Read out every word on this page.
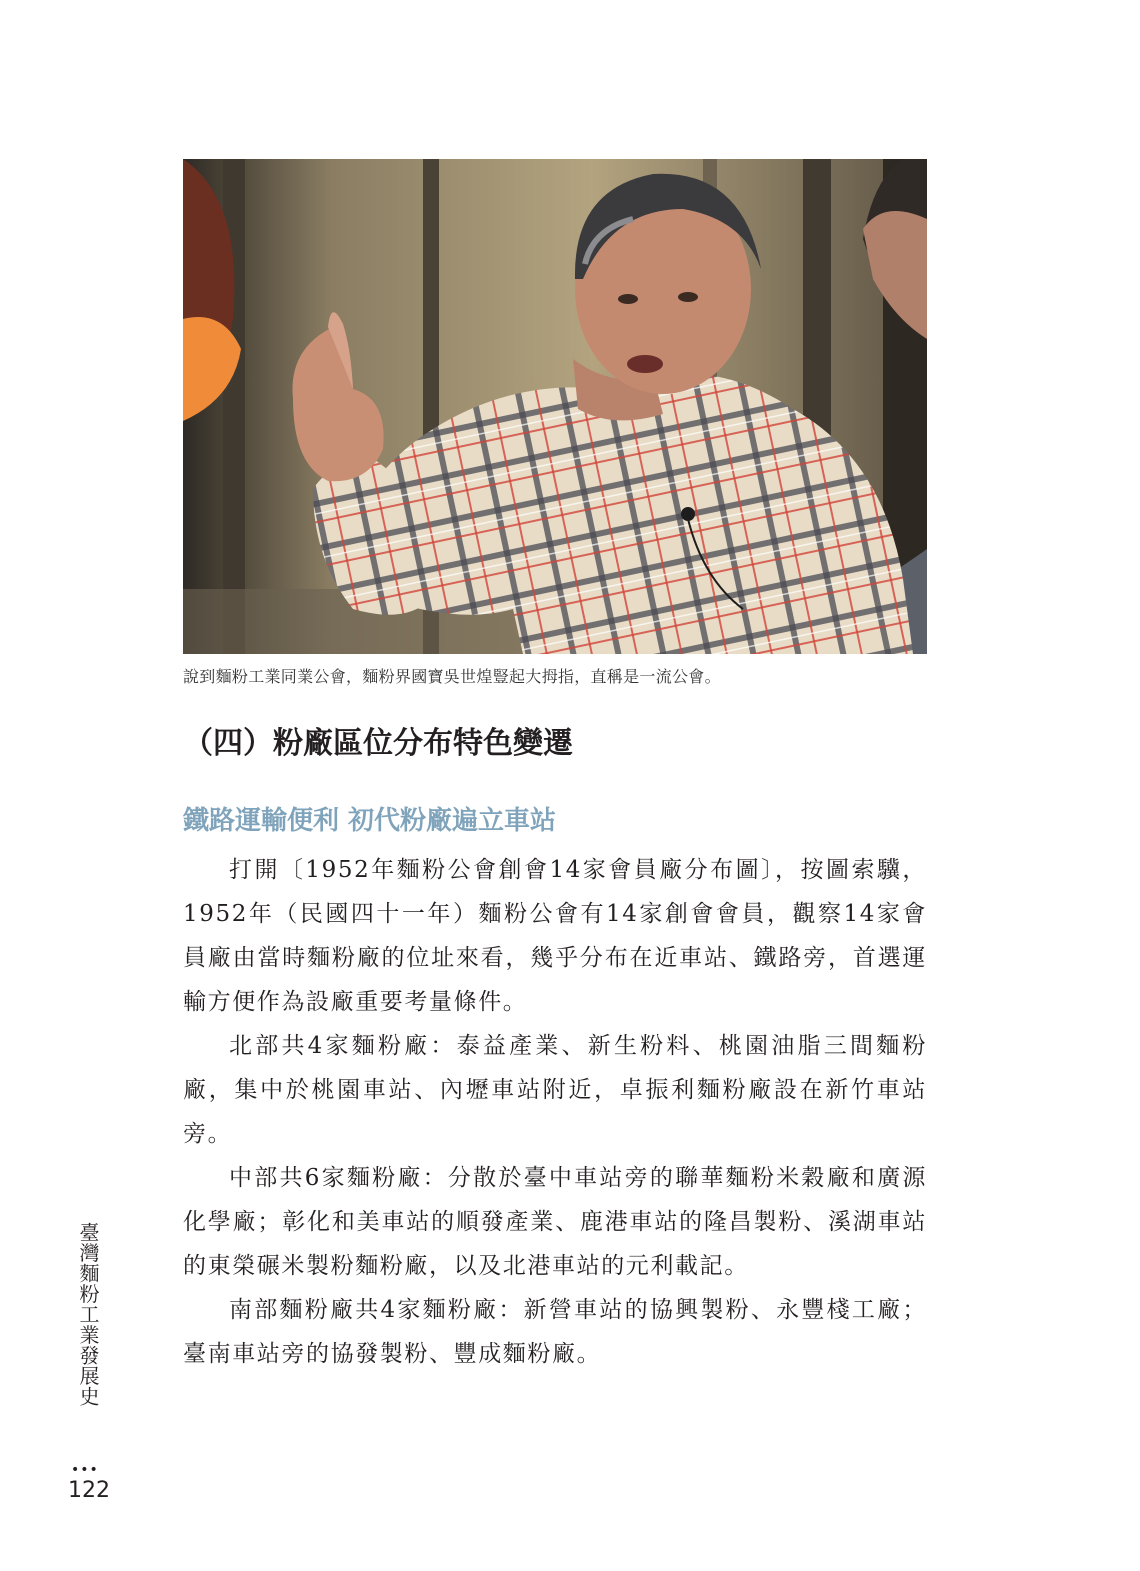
說到麵粉工業同業公會，麵粉界國寶吳世煌豎起大拇指，直稱是一流公會。
（四）粉廠區位分布特色變遷
鐵路運輸便利 初代粉廠遍立車站

打開〔1952年麵粉公會創會14家會員廠分布圖〕，按圖索驥，1952年（民國四十一年）麵粉公會有14家創會會員，觀察14家會員廠由當時麵粉廠的位址來看，幾乎分布在近車站、鐵路旁，首選運輸方便作為設廠重要考量條件。

北部共4家麵粉廠：泰益產業、新生粉料、桃園油脂三間麵粉廠，集中於桃園車站、內壢車站附近，卓振利麵粉廠設在新竹車站旁。

中部共6家麵粉廠：分散於臺中車站旁的聯華麵粉米穀廠和廣源化學廠；彰化和美車站的順發產業、鹿港車站的隆昌製粉、溪湖車站的東榮碾米製粉麵粉廠，以及北港車站的元利載記。

南部麵粉廠共4家麵粉廠：新營車站的協興製粉、永豐棧工廠；臺南車站旁的協發製粉、豐成麵粉廠。

臺灣麵粉工業發展史
•••
122
